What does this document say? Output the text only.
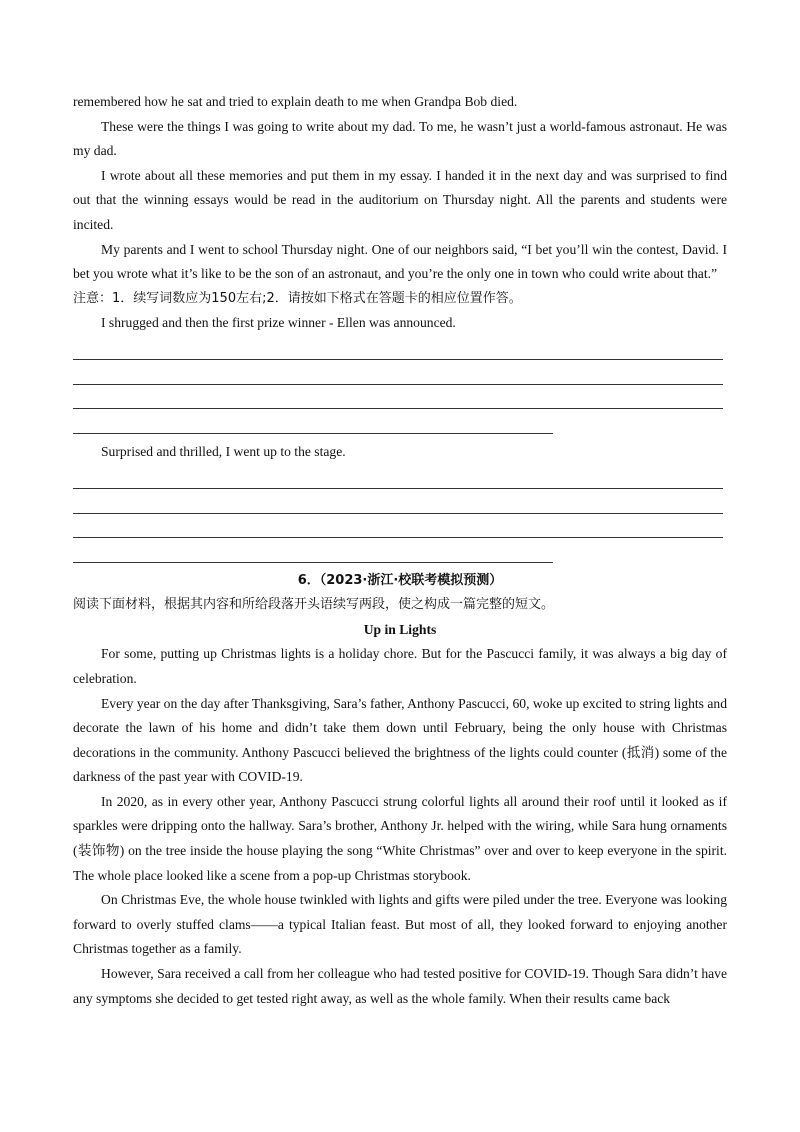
remembered how he sat and tried to explain death to me when Grandpa Bob died.

These were the things I was going to write about my dad. To me, he wasn’t just a world-famous astronaut. He was my dad.

I wrote about all these memories and put them in my essay. I handed it in the next day and was surprised to find out that the winning essays would be read in the auditorium on Thursday night. All the parents and students were incited.

My parents and I went to school Thursday night. One of our neighbors said, “I bet you’ll win the contest, David. I bet you wrote what it’s like to be the son of an astronaut, and you’re the only one in town who could write about that.”

注意：1．续写词数应为150左右;2．请按如下格式在答题卡的相应位置作答。

I shrugged and then the first prize winner - Ellen was announced.

Surprised and thrilled, I went up to the stage.

6．（2023·浙江·校联考模拟预测）

阅读下面材料，根据其内容和所给段落开头语续写两段，使之构成一篇完整的短文。

Up in Lights

For some, putting up Christmas lights is a holiday chore. But for the Pascucci family, it was always a big day of celebration.

Every year on the day after Thanksgiving, Sara’s father, Anthony Pascucci, 60, woke up excited to string lights and decorate the lawn of his home and didn’t take them down until February, being the only house with Christmas decorations in the community. Anthony Pascucci believed the brightness of the lights could counter (抵消) some of the darkness of the past year with COVID-19.

In 2020, as in every other year, Anthony Pascucci strung colorful lights all around their roof until it looked as if sparkles were dripping onto the hallway. Sara’s brother, Anthony Jr. helped with the wiring, while Sara hung ornaments (装饰物) on the tree inside the house playing the song “White Christmas” over and over to keep everyone in the spirit. The whole place looked like a scene from a pop-up Christmas storybook.

On Christmas Eve, the whole house twinkled with lights and gifts were piled under the tree. Everyone was looking forward to overly stuffed clams——a typical Italian feast. But most of all, they looked forward to enjoying another Christmas together as a family.

However, Sara received a call from her colleague who had tested positive for COVID-19. Though Sara didn’t have any symptoms she decided to get tested right away, as well as the whole family. When their results came back
